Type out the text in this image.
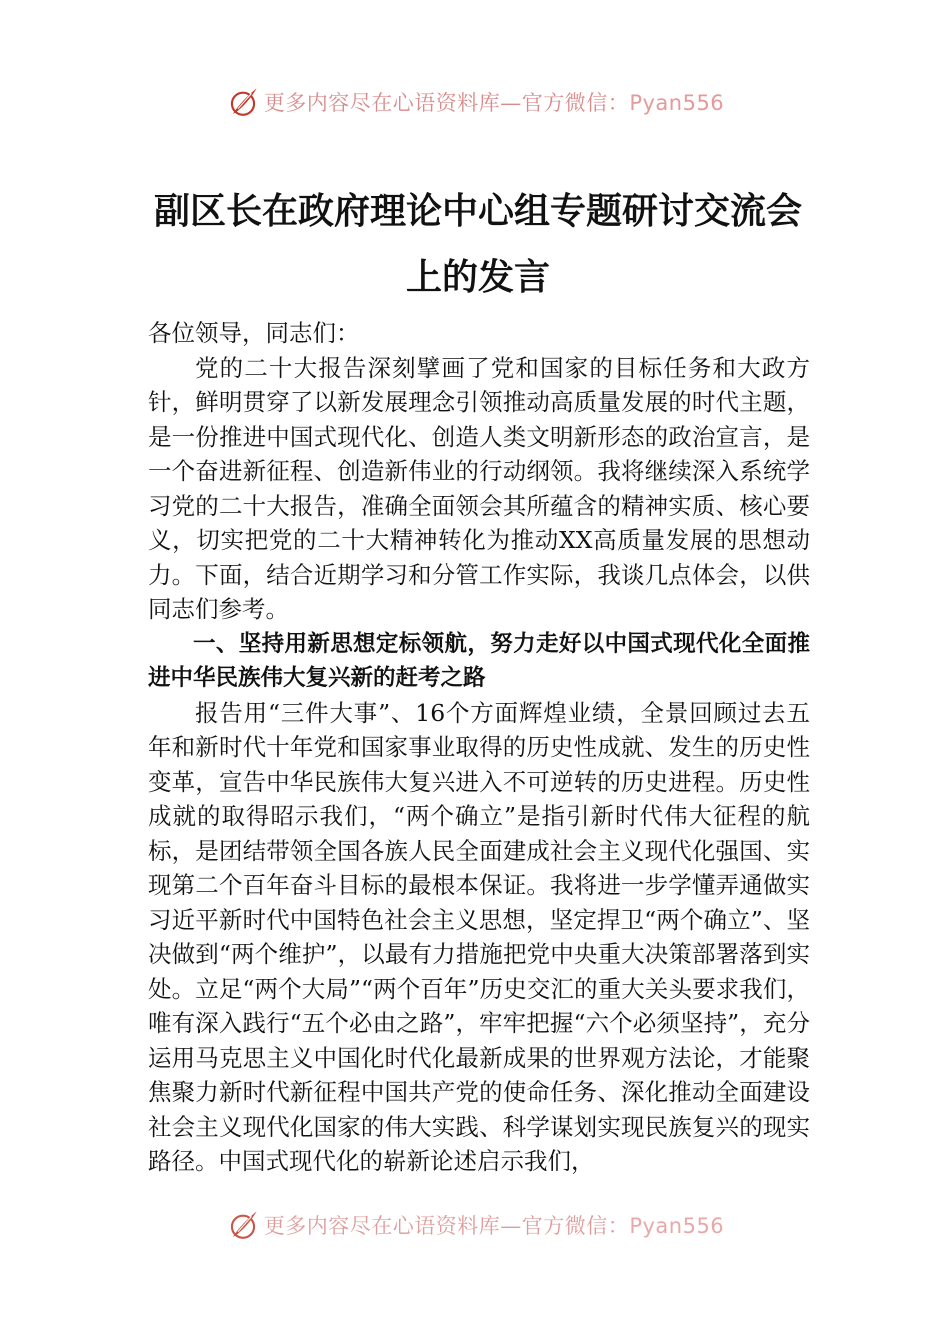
更多内容尽在心语资料库—官方微信：Pyan556
副区长在政府理论中心组专题研讨交流会
上的发言

各位领导，同志们：

党的二十大报告深刻擘画了党和国家的目标任务和大政方针，鲜明贯穿了以新发展理念引领推动高质量发展的时代主题，是一份推进中国式现代化、创造人类文明新形态的政治宣言，是一个奋进新征程、创造新伟业的行动纲领。我将继续深入系统学习党的二十大报告，准确全面领会其所蕴含的精神实质、核心要义，切实把党的二十大精神转化为推动XX高质量发展的思想动力。下面，结合近期学习和分管工作实际，我谈几点体会，以供同志们参考。

一、坚持用新思想定标领航，努力走好以中国式现代化全面推进中华民族伟大复兴新的赶考之路

报告用“三件大事”、16个方面辉煌业绩，全景回顾过去五年和新时代十年党和国家事业取得的历史性成就、发生的历史性变革，宣告中华民族伟大复兴进入不可逆转的历史进程。历史性成就的取得昭示我们，“两个确立”是指引新时代伟大征程的航标，是团结带领全国各族人民全面建成社会主义现代化强国、实现第二个百年奋斗目标的最根本保证。我将进一步学懂弄通做实习近平新时代中国特色社会主义思想，坚定捍卫“两个确立”、坚决做到“两个维护”，以最有力措施把党中央重大决策部署落到实处。立足“两个大局”“两个百年”历史交汇的重大关头要求我们，唯有深入践行“五个必由之路”，牢牢把握“六个必须坚持”，充分运用马克思主义中国化时代化最新成果的世界观方法论，才能聚焦聚力新时代新征程中国共产党的使命任务、深化推动全面建设社会主义现代化国家的伟大实践、科学谋划实现民族复兴的现实路径。中国式现代化的崭新论述启示我们，

更多内容尽在心语资料库—官方微信：Pyan556
